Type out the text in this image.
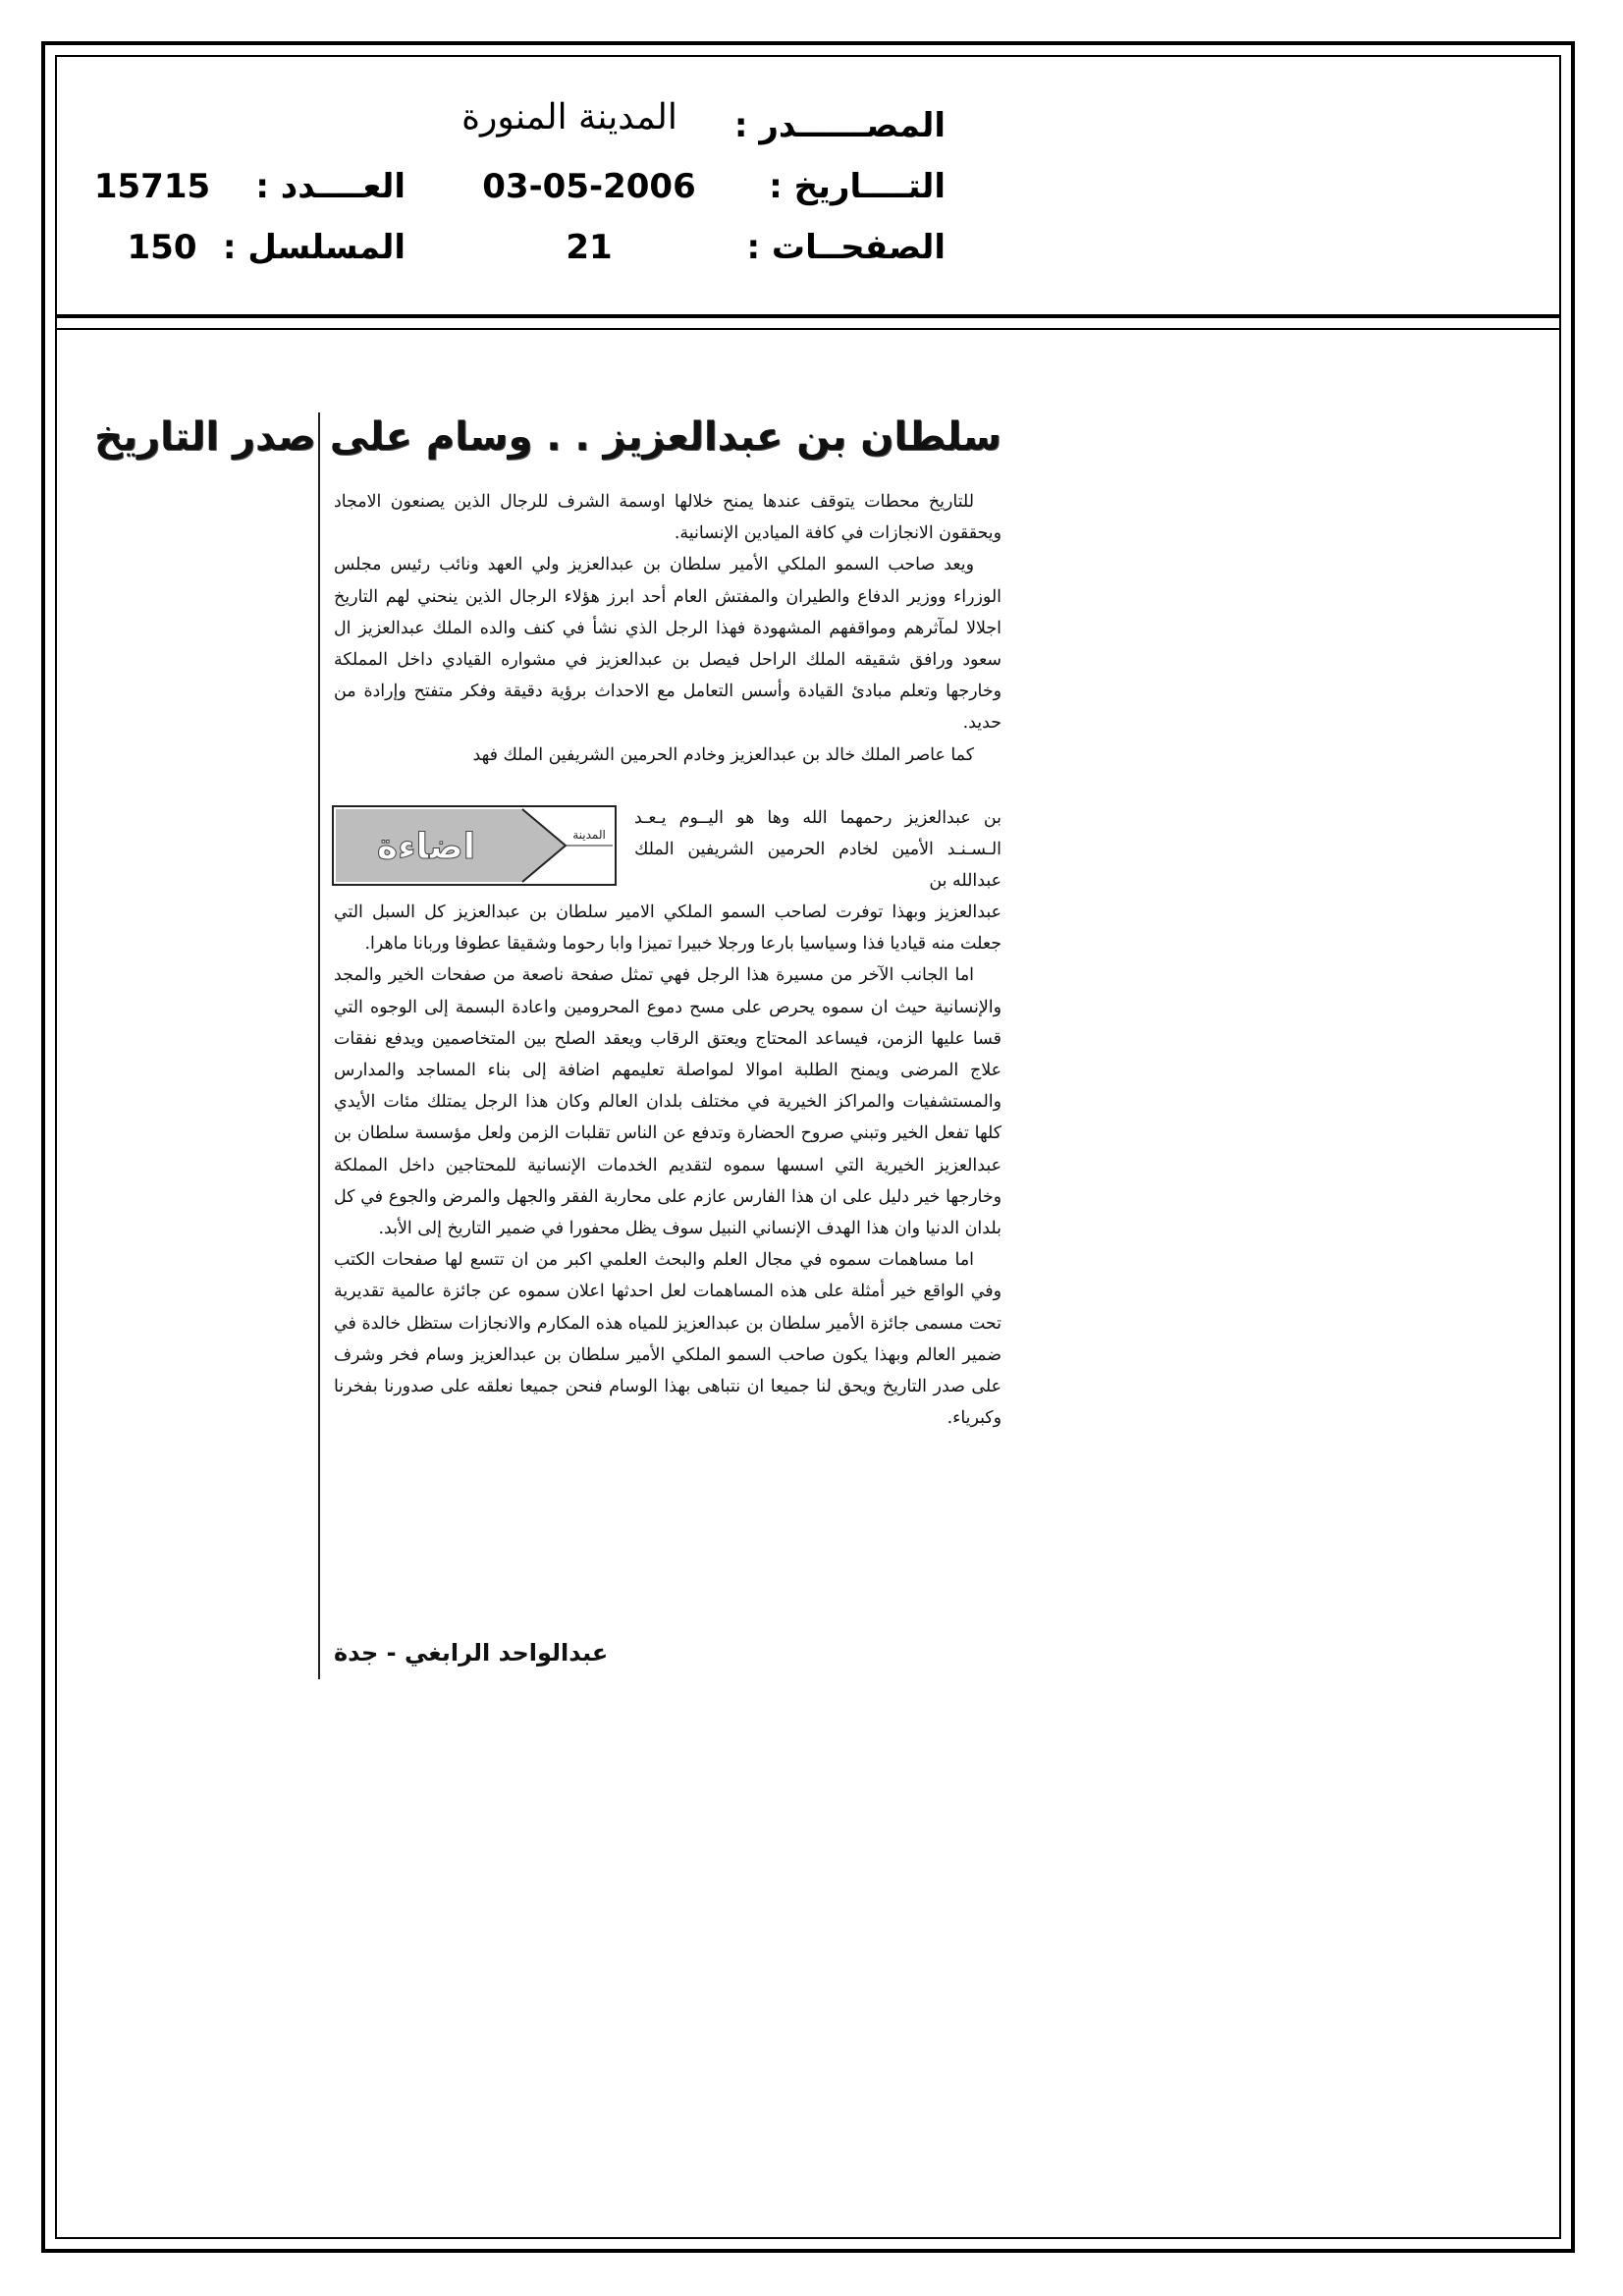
المصــــــدر :
المدينة المنورة
التــــاريخ :
03-05-2006
العــــدد :
15715
الصفحــات :
21
المسلسل :
150
سلطان بن عبدالعزيز . . وسام على صدر التاريخ

للتاريخ محطات يتوقف عندها يمنح خلالها اوسمة الشرف للرجال الذين يصنعون الامجاد ويحققون الانجازات في كافة الميادين الإنسانية.

ويعد صاحب السمو الملكي الأمير سلطان بن عبدالعزيز ولي العهد ونائب رئيس مجلس الوزراء ووزير الدفاع والطيران والمفتش العام أحد ابرز هؤلاء الرجال الذين ينحني لهم التاريخ اجلالا لمآثرهم ومواقفهم المشهودة فهذا الرجل الذي نشأ في كنف والده الملك عبدالعزيز ال سعود ورافق شقيقه الملك الراحل فيصل بن عبدالعزيز في مشواره القيادي داخل المملكة وخارجها وتعلم مبادئ القيادة وأسس التعامل مع الاحداث برؤية دقيقة وفكر متفتح وإرادة من حديد.

كما عاصر الملك خالد بن عبدالعزيز وخادم الحرمين الشريفين الملك فهد

بن عبدالعزيز رحمهما الله وها هو اليــوم يـعـد الـسـنـد الأمين لخادم الحرمين الشريفين الملك عبدالله بن

اضاءة	المدينة

عبدالعزيز وبهذا توفرت لصاحب السمو الملكي الامير سلطان بن عبدالعزيز كل السبل التي جعلت منه قياديا فذا وسياسيا بارعا ورجلا خبيرا تميزا وابا رحوما وشقيقا عطوفا وربانا ماهرا.

اما الجانب الآخر من مسيرة هذا الرجل فهي تمثل صفحة ناصعة من صفحات الخير والمجد والإنسانية حيث ان سموه يحرص على مسح دموع المحرومين واعادة البسمة إلى الوجوه التي قسا عليها الزمن، فيساعد المحتاج ويعتق الرقاب ويعقد الصلح بين المتخاصمين ويدفع نفقات علاج المرضى ويمنح الطلبة اموالا لمواصلة تعليمهم اضافة إلى بناء المساجد والمدارس والمستشفيات والمراكز الخيرية في مختلف بلدان العالم وكان هذا الرجل يمتلك مئات الأيدي كلها تفعل الخير وتبني صروح الحضارة وتدفع عن الناس تقلبات الزمن ولعل مؤسسة سلطان بن عبدالعزيز الخيرية التي اسسها سموه لتقديم الخدمات الإنسانية للمحتاجين داخل المملكة وخارجها خير دليل على ان هذا الفارس عازم على محاربة الفقر والجهل والمرض والجوع في كل بلدان الدنيا وان هذا الهدف الإنساني النبيل سوف يظل محفورا في ضمير التاريخ إلى الأبد.

اما مساهمات سموه في مجال العلم والبحث العلمي اكبر من ان تتسع لها صفحات الكتب وفي الواقع خير أمثلة على هذه المساهمات لعل احدثها اعلان سموه عن جائزة عالمية تقديرية تحت مسمى جائزة الأمير سلطان بن عبدالعزيز للمياه هذه المكارم والانجازات ستظل خالدة في ضمير العالم وبهذا يكون صاحب السمو الملكي الأمير سلطان بن عبدالعزيز وسام فخر وشرف على صدر التاريخ ويحق لنا جميعا ان نتباهى بهذا الوسام فنحن جميعا نعلقه على صدورنا بفخرنا وكبرياء.

عبدالواحد الرابغي - جدة
